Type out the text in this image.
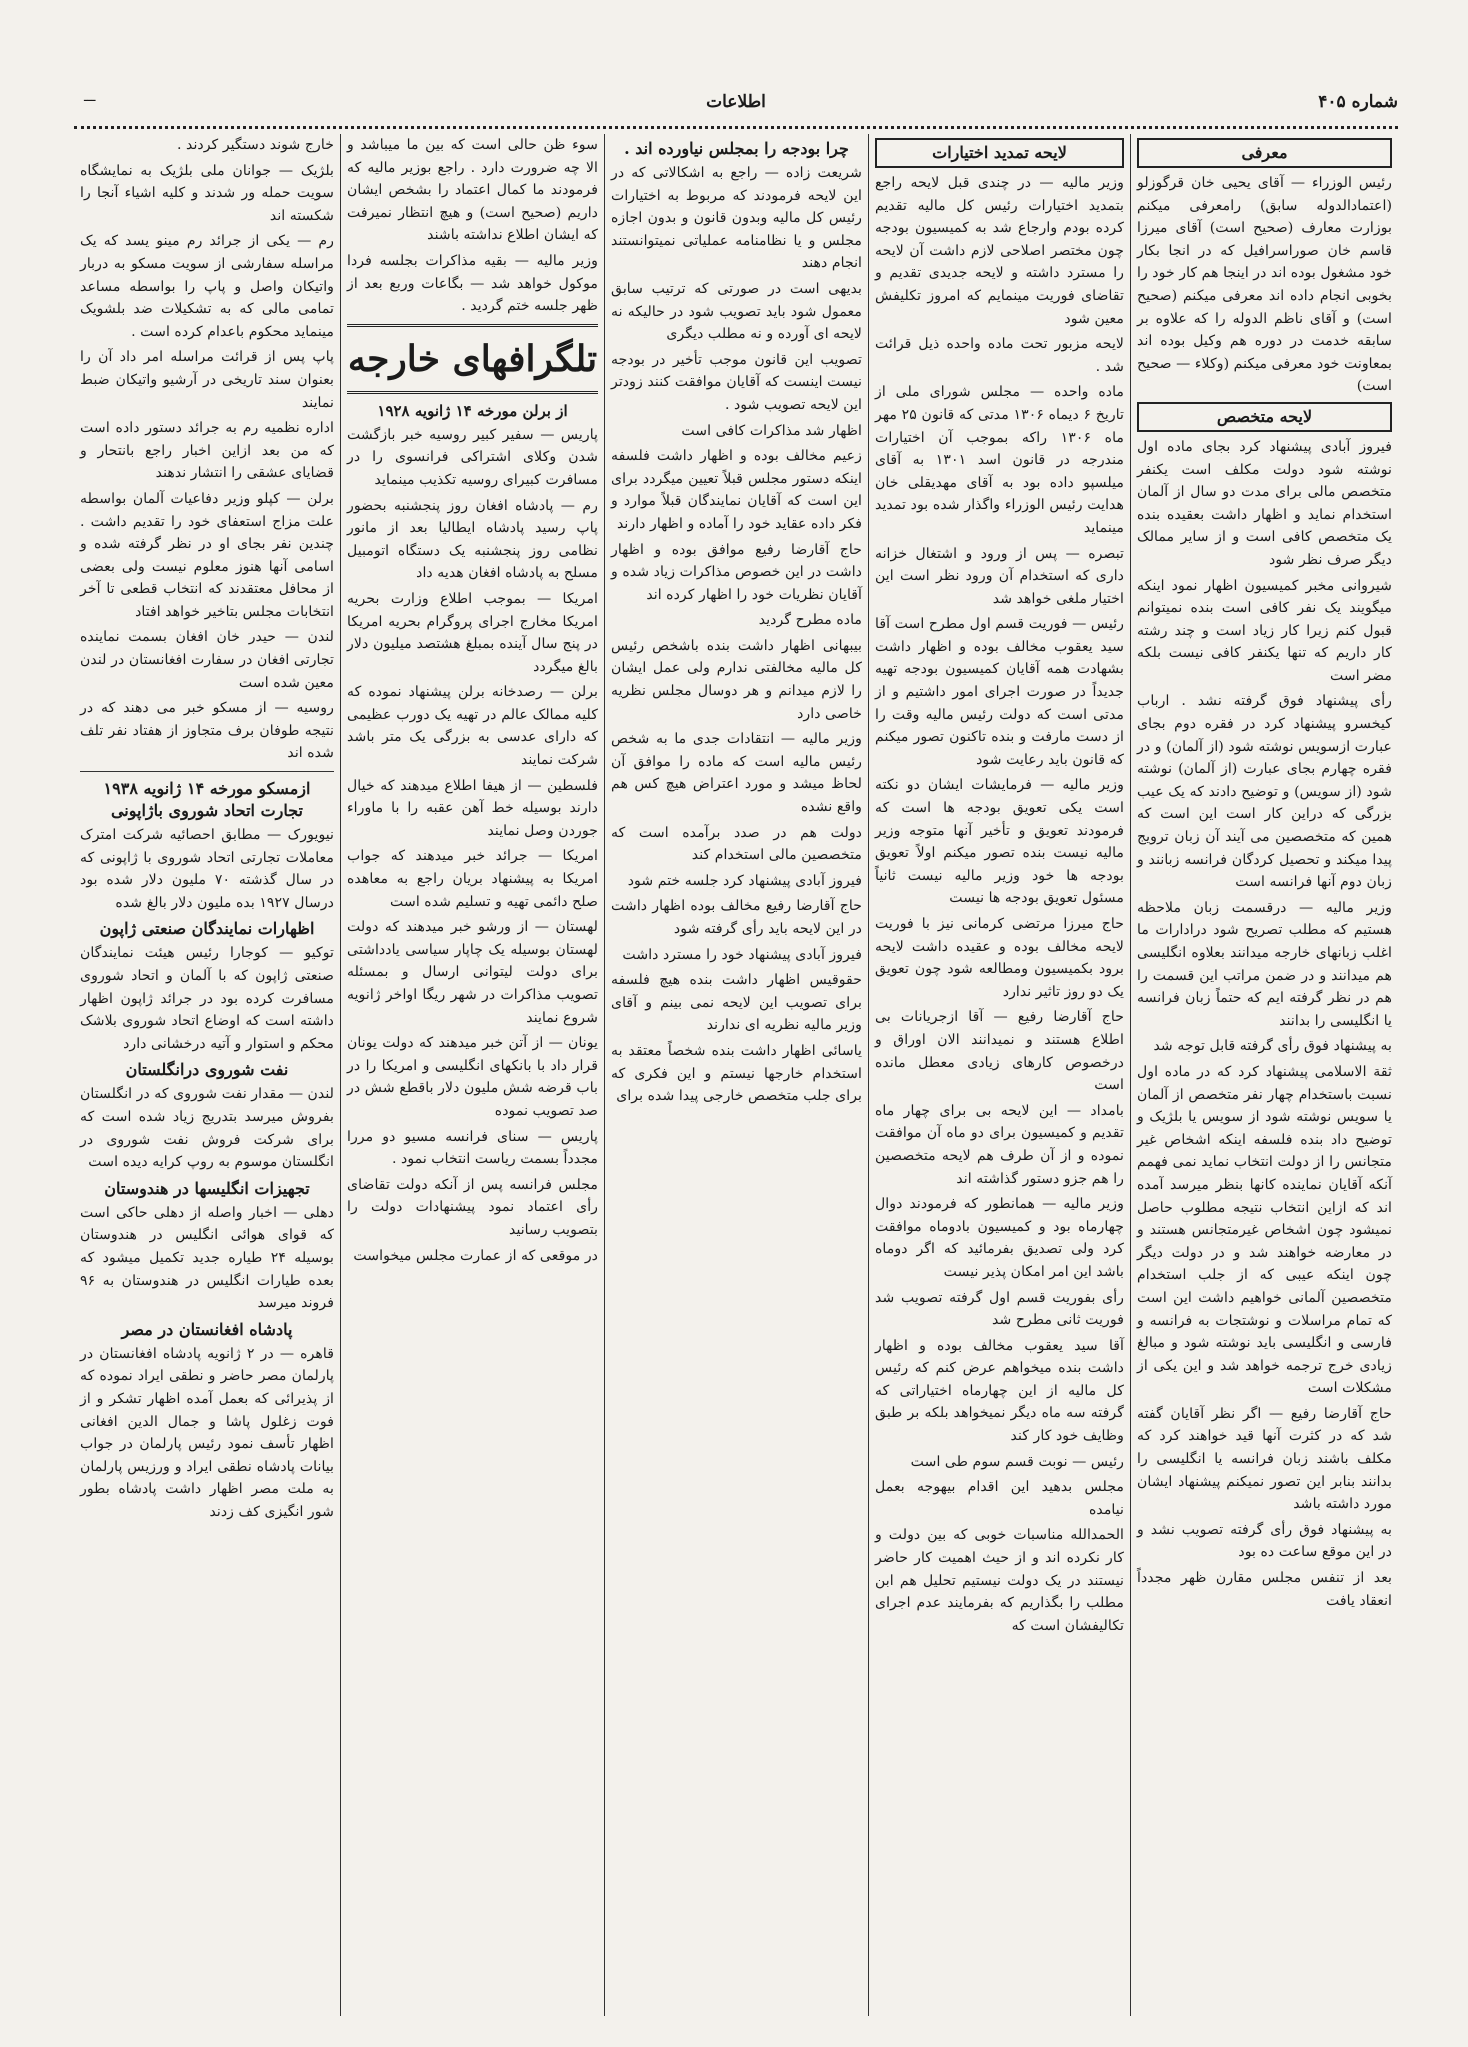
شماره ۴۰۵
اطلاعات
ـــ
معرفی

رئیس الوزراء — آقای یحیی خان قرگوزلو (اعتمادالدوله سابق) رامعرفی میکنم بوزارت معارف (صحیح است) آقای میرزا قاسم خان صوراسرافیل که در انجا بکار خود مشغول بوده اند در اینجا هم کار خود را بخوبی انجام داده اند معرفی میکنم (صحیح است) و آقای ناظم الدوله را که علاوه بر سابقه خدمت در دوره هم وکیل بوده اند بمعاونت خود معرفی میکنم (وکلاء — صحیح است)

لایحه متخصص

فیروز آبادی پیشنهاد کرد بجای ماده اول نوشته شود دولت مکلف است یکنفر متخصص مالی برای مدت دو سال از آلمان استخدام نماید و اظهار داشت بعقیده بنده یک متخصص کافی است و از سایر ممالک دیگر صرف نظر شود

شیروانی مخبر کمیسیون اظهار نمود اینکه میگویند یک نفر کافی است بنده نمیتوانم قبول کنم زیرا کار زیاد است و چند رشته کار داریم که تنها یکنفر کافی نیست بلکه مضر است

رأی پیشنهاد فوق گرفته نشد . ارباب کیخسرو پیشنهاد کرد در فقره دوم بجای عبارت ازسویس نوشته شود (از آلمان) و در فقره چهارم بجای عبارت (از آلمان) نوشته شود (از سویس) و توضیح دادند که یک عیب بزرگی که دراین کار است این است که همین که متخصصین می آیند آن زبان ترویج پیدا میکند و تحصیل کردگان فرانسه زبانند و زبان دوم آنها فرانسه است

وزیر مالیه — درقسمت زبان ملاحظه هستیم که مطلب تصریح شود درادارات ما اغلب زبانهای خارجه میدانند بعلاوه انگلیسی هم میدانند و در ضمن مراتب این قسمت را هم در نظر گرفته ایم که حتماً زبان فرانسه یا انگلیسی را بدانند

به پیشنهاد فوق رأی گرفته قابل توجه شد

ثقة الاسلامی پیشنهاد کرد که در ماده اول نسبت باستخدام چهار نفر متخصص از آلمان یا سویس نوشته شود از سویس یا بلژیک و توضیح داد بنده فلسفه اینکه اشخاص غیر متجانس را از دولت انتخاب نماید نمی فهمم آنکه آقایان نماینده کانها بنظر میرسد آمده اند که ازاین انتخاب نتیجه مطلوب حاصل نمیشود چون اشخاص غیرمتجانس هستند و در معارضه خواهند شد و در دولت دیگر چون اینکه عیبی که از جلب استخدام متخصصین آلمانی خواهیم داشت این است که تمام مراسلات و نوشتجات به فرانسه و فارسی و انگلیسی باید نوشته شود و مبالغ زیادی خرج ترجمه خواهد شد و این یکی از مشکلات است

حاج آقارضا رفیع — اگر نظر آقایان گفته شد که در کثرت آنها قید خواهند کرد که مکلف باشند زبان فرانسه یا انگلیسی را بدانند بنابر این تصور نمیکنم پیشنهاد ایشان مورد داشته باشد

به پیشنهاد فوق رأی گرفته تصویب نشد و در این موقع ساعت ده بود

بعد از تنفس مجلس مقارن ظهر مجدداً انعقاد یافت

لایحه تمدید اختیارات

وزیر مالیه — در چندی قبل لایحه راجع بتمدید اختیارات رئیس کل مالیه تقدیم کرده بودم وارجاع شد به کمیسیون بودجه چون مختصر اصلاحی لازم داشت آن لایحه را مسترد داشته و لایحه جدیدی تقدیم و تقاضای فوریت مینمایم که امروز تکلیفش معین شود

لایحه مزبور تحت ماده واحده ذیل قرائت شد .

ماده واحده — مجلس شورای ملی از تاریخ ۶ دیماه ۱۳۰۶ مدتی که قانون ۲۵ مهر ماه ۱۳۰۶ راکه بموجب آن اختیارات مندرجه در قانون اسد ۱۳۰۱ به آقای میلسپو داده بود به آقای مهدیقلی خان هدایت رئیس الوزراء واگذار شده بود تمدید مینماید

تبصره — پس از ورود و اشتغال خزانه داری که استخدام آن ورود نظر است این اختیار ملغی خواهد شد

رئیس — فوریت قسم اول مطرح است آقا سید یعقوب مخالف بوده و اظهار داشت بشهادت همه آقایان کمیسیون بودجه تهیه جدیداً در صورت اجرای امور داشتیم و از مدتی است که دولت رئیس مالیه وقت را از دست مارفت و بنده تاکنون تصور میکنم که قانون باید رعایت شود

وزیر مالیه — فرمایشات ایشان دو نکته است یکی تعویق بودجه ها است که فرمودند تعویق و تأخیر آنها متوجه وزیر مالیه نیست بنده تصور میکنم اولاً تعویق بودجه ها خود وزیر مالیه نیست ثانیاً مسئول تعویق بودجه ها نیست

حاج میرزا مرتضی کرمانی نیز با فوریت لایحه مخالف بوده و عقیده داشت لایحه برود بکمیسیون ومطالعه شود چون تعویق یک دو روز تاثیر ندارد

حاج آقارضا رفیع — آقا ازجریانات بی اطلاع هستند و نمیدانند الان اوراق و درخصوص کارهای زیادی معطل مانده است

بامداد — این لایحه بی برای چهار ماه تقدیم و کمیسیون برای دو ماه آن موافقت نموده و از آن طرف هم لایحه متخصصین را هم جزو دستور گذاشته اند

وزیر مالیه — همانطور که فرمودند دوال چهارماه بود و کمیسیون بادوماه موافقت کرد ولی تصدیق بفرمائید که اگر دوماه باشد این امر امکان پذیر نیست

رأی بفوریت قسم اول گرفته تصویب شد فوریت ثانی مطرح شد

آقا سید یعقوب مخالف بوده و اظهار داشت بنده میخواهم عرض کنم که رئیس کل مالیه از این چهارماه اختیاراتی که گرفته سه ماه دیگر نمیخواهد بلکه بر طبق وظایف خود کار کند

رئیس — نوبت قسم سوم طی است

مجلس بدهید این اقدام بیهوجه بعمل نیامده

الحمدالله مناسبات خوبی که بین دولت و کار نکرده اند و از حیث اهمیت کار حاضر نیستند در یک دولت نیستیم تحلیل هم ابن مطلب را بگذاریم که بفرمایند عدم اجرای تکالیفشان است که

چرا بودجه را بمجلس نیاورده اند .

شریعت زاده — راجع به اشکالاتی که در این لایحه فرمودند که مربوط به اختیارات رئیس کل مالیه وبدون قانون و بدون اجازه مجلس و یا نظامنامه عملیاتی نمیتوانستند انجام دهند

بدیهی است در صورتی که ترتیب سابق معمول شود باید تصویب شود در حالیکه نه لایحه ای آورده و نه مطلب دیگری

تصویب این قانون موجب تأخیر در بودجه نیست اینست که آقایان موافقت کنند زودتر این لایحه تصویب شود .

اظهار شد مذاکرات کافی است

زعیم مخالف بوده و اظهار داشت فلسفه اینکه دستور مجلس قبلاً تعیین میگردد برای این است که آقایان نمایندگان قبلاً موارد و فکر داده عقاید خود را آماده و اظهار دارند

حاج آقارضا رفیع موافق بوده و اظهار داشت در این خصوص مذاکرات زیاد شده و آقایان نظریات خود را اظهار کرده اند

ماده مطرح گردید

بیبهانی اظهار داشت بنده باشخص رئیس کل مالیه مخالفتی ندارم ولی عمل ایشان را لازم میدانم و هر دوسال مجلس نظریه خاصی دارد

وزیر مالیه — انتقادات جدی ما به شخص رئیس مالیه است که ماده را موافق آن لحاظ میشد و مورد اعتراض هیچ کس هم واقع نشده

دولت هم در صدد برآمده است که متخصصین مالی استخدام کند

فیروز آبادی پیشنهاد کرد جلسه ختم شود

حاج آقارضا رفیع مخالف بوده اظهار داشت در این لایحه باید رأی گرفته شود

فیروز آبادی پیشنهاد خود را مسترد داشت

حقوقیس اظهار داشت بنده هیچ فلسفه برای تصویب این لایحه نمی بینم و آقای وزیر مالیه نظریه ای ندارند

یاسائی اظهار داشت بنده شخصاً معتقد به استخدام خارجها نیستم و این فکری که برای جلب متخصص خارجی پیدا شده برای

سوء ظن حالی است که بین ما میباشد و الا چه ضرورت دارد . راجع بوزیر مالیه که فرمودند ما کمال اعتماد را بشخص ایشان داریم (صحیح است) و هیچ انتظار نمیرفت که ایشان اطلاع نداشته باشند

وزیر مالیه — بقیه مذاکرات بجلسه فردا موکول خواهد شد — بگاعات وربع بعد از ظهر جلسه ختم گردید .

تلگرافهای خارجه
از برلن مورخه ۱۴ ژانویه ۱۹۲۸

پاریس — سفیر کبیر روسیه خبر بازگشت شدن وکلای اشتراکی فرانسوی را در مسافرت کبیرای روسیه تکذیب مینماید

رم — پادشاه افغان روز پنجشنبه بحضور پاپ رسید پادشاه ایطالیا بعد از مانور نظامی روز پنجشنبه یک دستگاه اتومبیل مسلح به پادشاه افغان هدیه داد

امریکا — بموجب اطلاع وزارت بحریه امریکا مخارج اجرای پروگرام بحریه امریکا در پنج سال آینده بمبلغ هشتصد میلیون دلار بالغ میگردد

برلن — رصدخانه برلن پیشنهاد نموده که کلیه ممالک عالم در تهیه یک دورب عظیمی که دارای عدسی به بزرگی یک متر باشد شرکت نمایند

فلسطین — از هیفا اطلاع میدهند که خیال دارند بوسیله خط آهن عقبه را با ماوراء جوردن وصل نمایند

امریکا — جرائد خبر میدهند که جواب امریکا به پیشنهاد بریان راجع به معاهده صلح دائمی تهیه و تسلیم شده است

لهستان — از ورشو خبر میدهند که دولت لهستان بوسیله یک چاپار سیاسی یادداشتی برای دولت لیتوانی ارسال و بمسئله تصویب مذاکرات در شهر ریگا اواخر ژانویه شروع نمایند

یونان — از آتن خبر میدهند که دولت یونان قرار داد با بانکهای انگلیسی و امریکا را در باب قرضه شش ملیون دلار باقطع شش در صد تصویب نموده

پاریس — سنای فرانسه مسیو دو مررا مجدداً بسمت ریاست انتخاب نمود .

مجلس فرانسه پس از آنکه دولت تقاضای رأی اعتماد نمود پیشنهادات دولت را بتصویب رسانید

در موقعی که از عمارت مجلس میخواست

خارج شوند دستگیر کردند .

بلژیک — جوانان ملی بلژیک به نمایشگاه سویت حمله ور شدند و کلیه اشیاء آنجا را شکسته اند

رم — یکی از جرائد رم مینو یسد که یک مراسله سفارشی از سویت مسکو به دربار واتیکان واصل و پاپ را بواسطه مساعد تمامی مالی که به تشکیلات ضد بلشویک مینماید محکوم باعدام کرده است .

پاپ پس از قرائت مراسله امر داد آن را بعنوان سند تاریخی در آرشیو واتیکان ضبط نمایند

اداره نظمیه رم به جرائد دستور داده است که من بعد ازاین اخبار راجع بانتحار و قضایای عشقی را انتشار ندهند

برلن — کپلو وزیر دفاعیات آلمان بواسطه علت مزاج استعفای خود را تقدیم داشت . چندین نفر بجای او در نظر گرفته شده و اسامی آنها هنوز معلوم نیست ولی بعضی از محافل معتقدند که انتخاب قطعی تا آخر انتخابات مجلس بتاخیر خواهد افتاد

لندن — حیدر خان افغان بسمت نماینده تجارتی افغان در سفارت افغانستان در لندن معین شده است

روسیه — از مسکو خبر می دهند که در نتیجه طوفان برف متجاوز از هفتاد نفر تلف شده اند

ازمسکو مورخه ۱۴ ژانویه ۱۹۳۸ تجارت اتحاد شوروی باژاپونی

نیویورک — مطابق احصائیه شرکت امترک معاملات تجارتی اتحاد شوروی با ژاپونی که در سال گذشته ۷۰ ملیون دلار شده بود درسال ۱۹۲۷ بده ملیون دلار بالغ شده

اظهارات نمایندگان صنعتی ژاپون

توکیو — کوجارا رئیس هیئت نمایندگان صنعتی ژاپون که با آلمان و اتحاد شوروی مسافرت کرده بود در جرائد ژاپون اظهار داشته است که اوضاع اتحاد شوروی بلاشک محکم و استوار و آتیه درخشانی دارد

نفت شوروی درانگلستان

لندن — مقدار نفت شوروی که در انگلستان بفروش میرسد بتدریج زیاد شده است که برای شرکت فروش نفت شوروی در انگلستان موسوم به روپ کرایه دیده است

تجهیزات انگلیسها در هندوستان

دهلی — اخبار واصله از دهلی حاکی است که قوای هوائی انگلیس در هندوستان بوسیله ۲۴ طیاره جدید تکمیل میشود که بعده طیارات انگلیس در هندوستان به ۹۶ فروند میرسد

پادشاه افغانستان در مصر

قاهره — در ۲ ژانویه پادشاه افغانستان در پارلمان مصر حاضر و نطقی ایراد نموده که از پذیرائی که بعمل آمده اظهار تشکر و از فوت زغلول پاشا و جمال الدین افغانی اظهار تأسف نمود رئیس پارلمان در جواب بیانات پادشاه نطقی ایراد و ورزیس پارلمان به ملت مصر اظهار داشت پادشاه بطور شور انگیزی کف زدند
